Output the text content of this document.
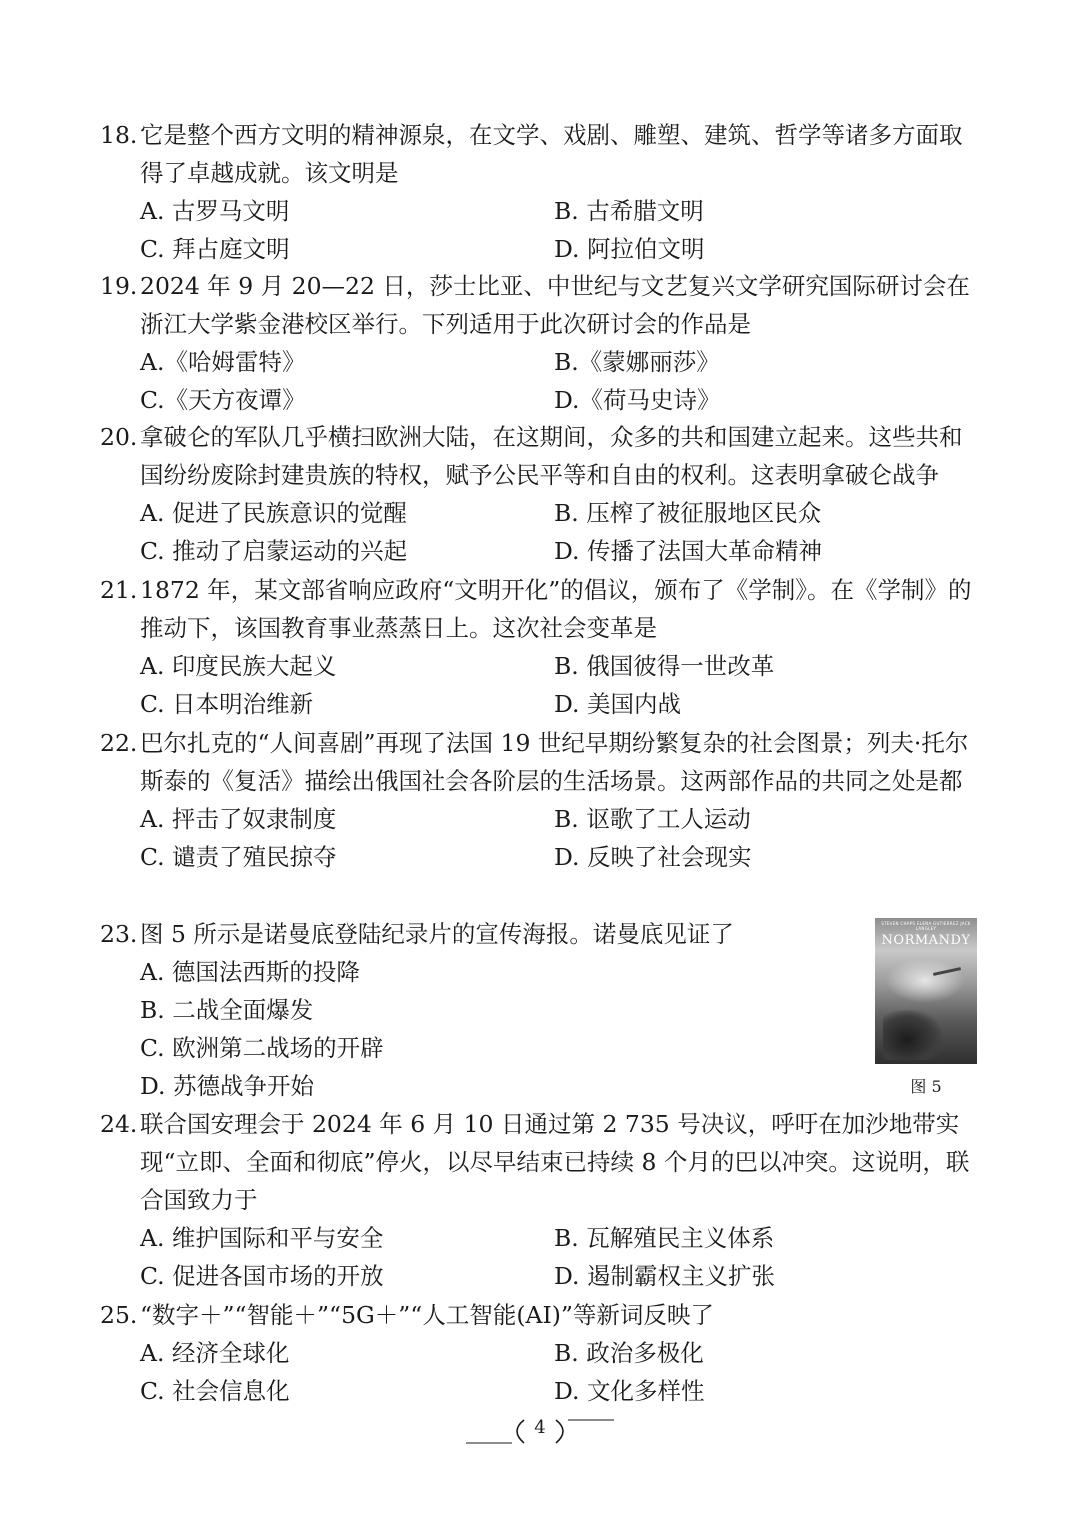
18. 它是整个西方文明的精神源泉，在文学、戏剧、雕塑、建筑、哲学等诸多方面取得了卓越成就。该文明是
A. 古罗马文明	B. 古希腊文明
C. 拜占庭文明	D. 阿拉伯文明
19. 2024 年 9 月 20—22 日，莎士比亚、中世纪与文艺复兴文学研究国际研讨会在浙江大学紫金港校区举行。下列适用于此次研讨会的作品是
A.《哈姆雷特》	B.《蒙娜丽莎》
C.《天方夜谭》	D.《荷马史诗》
20. 拿破仑的军队几乎横扫欧洲大陆，在这期间，众多的共和国建立起来。这些共和国纷纷废除封建贵族的特权，赋予公民平等和自由的权利。这表明拿破仑战争
A. 促进了民族意识的觉醒	B. 压榨了被征服地区民众
C. 推动了启蒙运动的兴起	D. 传播了法国大革命精神
21. 1872 年，某文部省响应政府“文明开化”的倡议，颁布了《学制》。在《学制》的推动下，该国教育事业蒸蒸日上。这次社会变革是
A. 印度民族大起义	B. 俄国彼得一世改革
C. 日本明治维新	D. 美国内战
22. 巴尔扎克的“人间喜剧”再现了法国 19 世纪早期纷繁复杂的社会图景；列夫·托尔斯泰的《复活》描绘出俄国社会各阶层的生活场景。这两部作品的共同之处是都
A. 抨击了奴隶制度	B. 讴歌了工人运动
C. 谴责了殖民掠夺	D. 反映了社会现实
23. 图 5 所示是诺曼底登陆纪录片的宣传海报。诺曼底见证了
A. 德国法西斯的投降
B. 二战全面爆发
C. 欧洲第二战场的开辟
D. 苏德战争开始
STEVEN CHAPS ELENA GUTIERREZ JACK LANGLEY
NORMANDY
图 5
24. 联合国安理会于 2024 年 6 月 10 日通过第 2 735 号决议，呼吁在加沙地带实现“立即、全面和彻底”停火，以尽早结束已持续 8 个月的巴以冲突。这说明，联合国致力于
A. 维护国际和平与安全	B. 瓦解殖民主义体系
C. 促进各国市场的开放	D. 遏制霸权主义扩张
25. “数字＋”“智能＋”“5G＋”“人工智能(AI)”等新词反映了
A. 经济全球化	B. 政治多极化
C. 社会信息化	D. 文化多样性
4
